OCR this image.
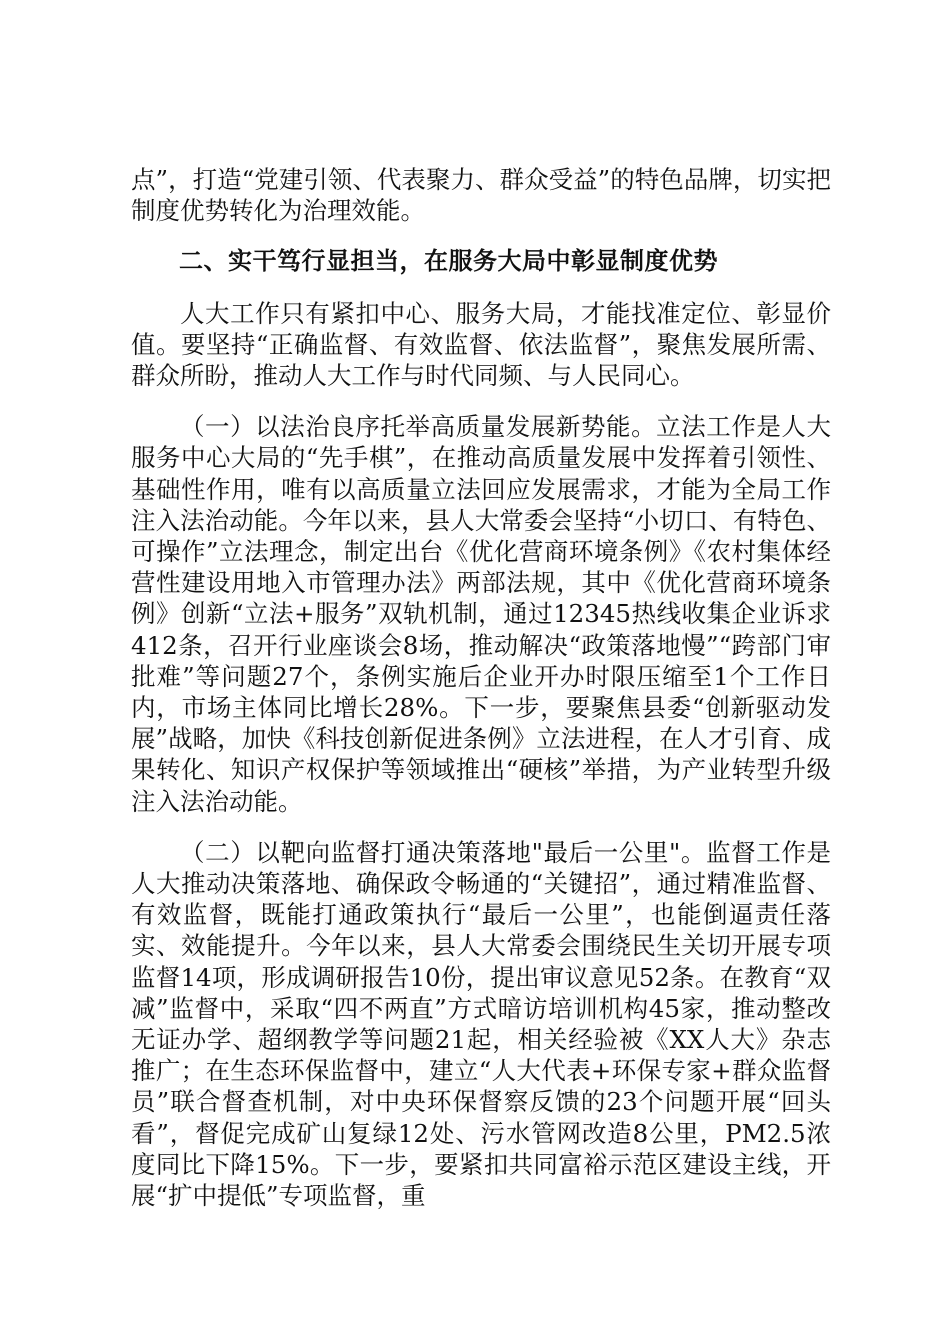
点”，打造“党建引领、代表聚力、群众受益”的特色品牌，切实把制度优势转化为治理效能。

二、实干笃行显担当，在服务大局中彰显制度优势

人大工作只有紧扣中心、服务大局，才能找准定位、彰显价值。要坚持“正确监督、有效监督、依法监督”，聚焦发展所需、群众所盼，推动人大工作与时代同频、与人民同心。

（一）以法治良序托举高质量发展新势能。立法工作是人大服务中心大局的“先手棋”，在推动高质量发展中发挥着引领性、基础性作用，唯有以高质量立法回应发展需求，才能为全局工作注入法治动能。今年以来，县人大常委会坚持“小切口、有特色、可操作”立法理念，制定出台《优化营商环境条例》《农村集体经营性建设用地入市管理办法》两部法规，其中《优化营商环境条例》创新“立法+服务”双轨机制，通过12345热线收集企业诉求412条，召开行业座谈会8场，推动解决“政策落地慢”“跨部门审批难”等问题27个，条例实施后企业开办时限压缩至1个工作日内，市场主体同比增长28%。下一步，要聚焦县委“创新驱动发展”战略，加快《科技创新促进条例》立法进程，在人才引育、成果转化、知识产权保护等领域推出“硬核”举措，为产业转型升级注入法治动能。

（二）以靶向监督打通决策落地"最后一公里"。监督工作是人大推动决策落地、确保政令畅通的“关键招”，通过精准监督、有效监督，既能打通政策执行“最后一公里”，也能倒逼责任落实、效能提升。今年以来，县人大常委会围绕民生关切开展专项监督14项，形成调研报告10份，提出审议意见52条。在教育“双减”监督中，采取“四不两直”方式暗访培训机构45家，推动整改无证办学、超纲教学等问题21起，相关经验被《XX人大》杂志推广；在生态环保监督中，建立“人大代表+环保专家+群众监督员”联合督查机制，对中央环保督察反馈的23个问题开展“回头看”，督促完成矿山复绿12处、污水管网改造8公里，PM2.5浓度同比下降15%。下一步，要紧扣共同富裕示范区建设主线，开展“扩中提低”专项监督，重
